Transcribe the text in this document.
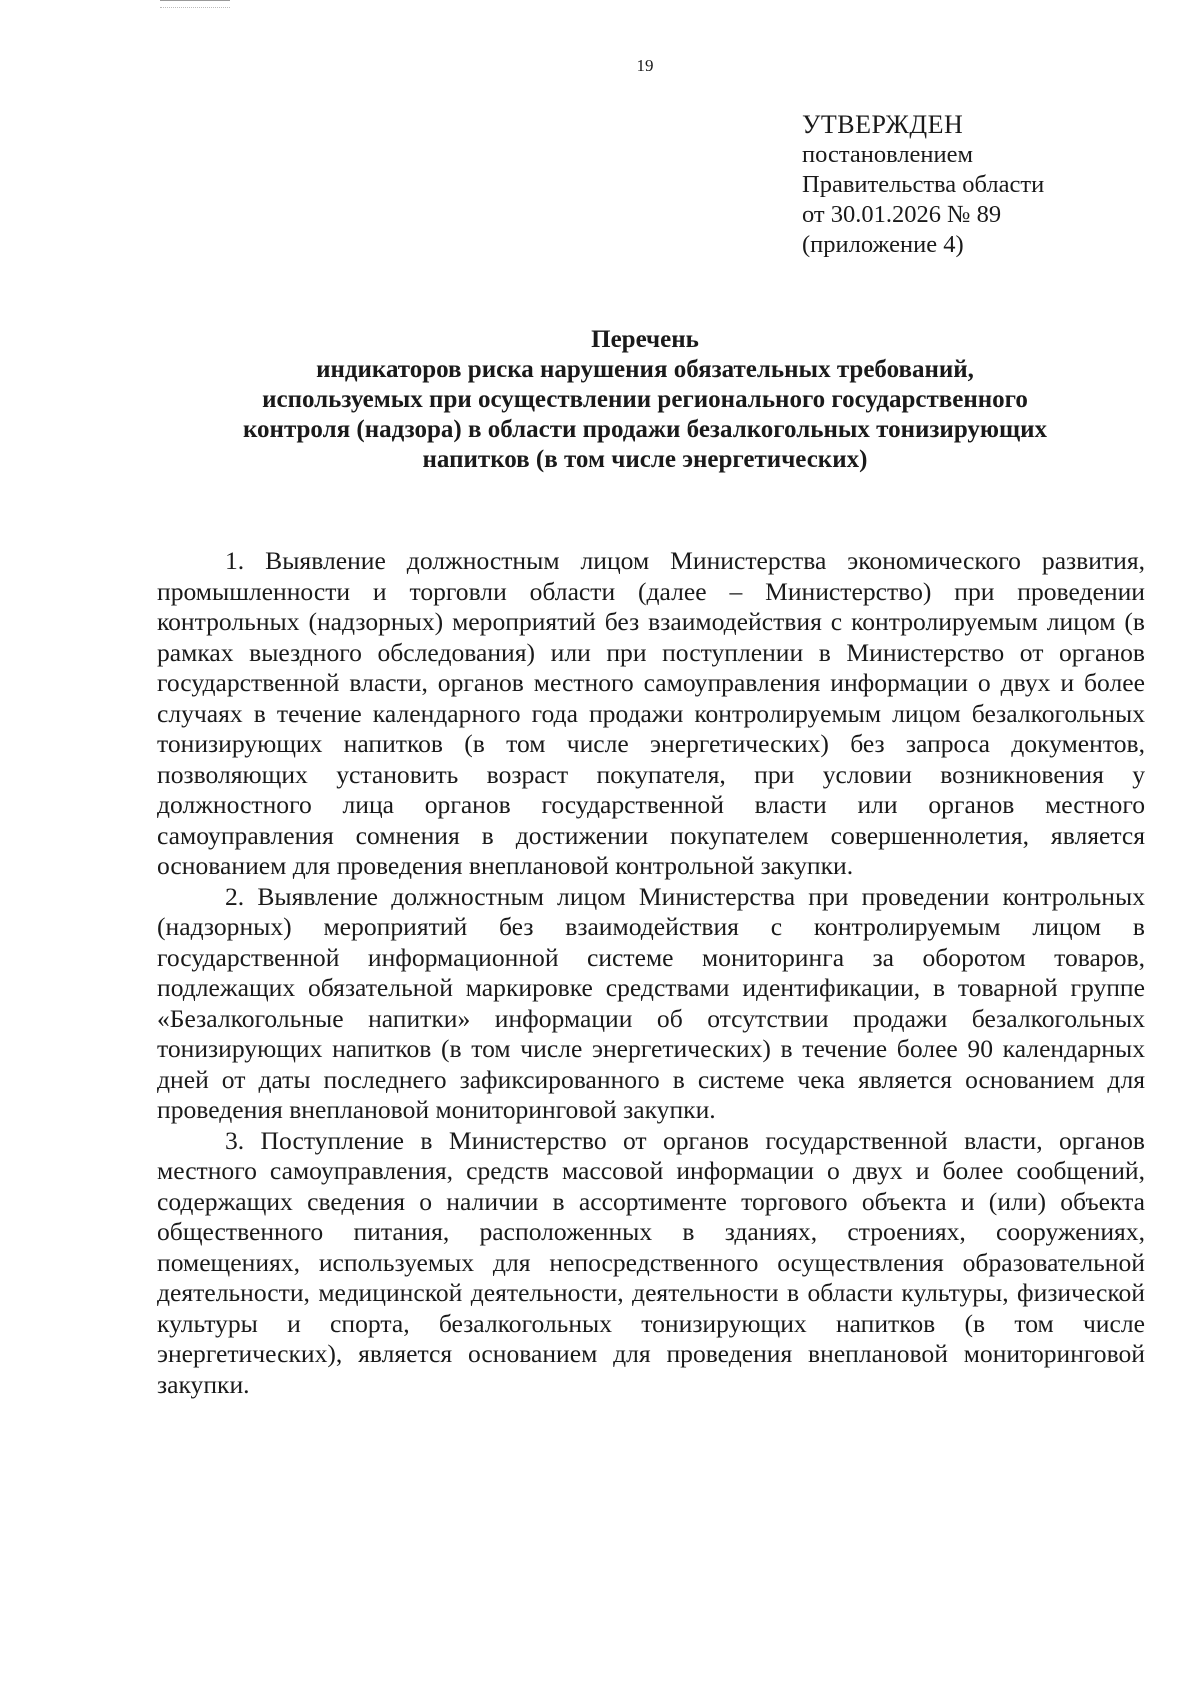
19
УТВЕРЖДЕН
постановлением
Правительства области
от 30.01.2026 № 89
(приложение 4)
Перечень
индикаторов риска нарушения обязательных требований,
используемых при осуществлении регионального государственного
контроля (надзора) в области продажи безалкогольных тонизирующих
напитков (в том числе энергетических)

1. Выявление должностным лицом Министерства экономического развития, промышленности и торговли области (далее – Министерство) при проведении контрольных (надзорных) мероприятий без взаимодействия с контролируемым лицом (в рамках выездного обследования) или при поступлении в Министерство от органов государственной власти, органов местного самоуправления информации о двух и более случаях в течение календарного года продажи контролируемым лицом безалкогольных тонизирующих напитков (в том числе энергетических) без запроса документов, позволяющих установить возраст покупателя, при условии возникновения у должностного лица органов государственной власти или органов местного самоуправления сомнения в достижении покупателем совершеннолетия, является основанием для проведения внеплановой контрольной закупки.

2. Выявление должностным лицом Министерства при проведении контрольных (надзорных) мероприятий без взаимодействия с контролируемым лицом в государственной информационной системе мониторинга за оборотом товаров, подлежащих обязательной маркировке средствами идентификации, в товарной группе «Безалкогольные напитки» информации об отсутствии продажи безалкогольных тонизирующих напитков (в том числе энергетических) в течение более 90 календарных дней от даты последнего зафиксированного в системе чека является основанием для проведения внеплановой мониторинговой закупки.

3. Поступление в Министерство от органов государственной власти, органов местного самоуправления, средств массовой информации о двух и более сообщений, содержащих сведения о наличии в ассортименте торгового объекта и (или) объекта общественного питания, расположенных в зданиях, строениях, сооружениях, помещениях, используемых для непосредственного осуществления образовательной деятельности, медицинской деятельности, деятельности в области культуры, физической культуры и спорта, безалкогольных тонизирующих напитков (в том числе энергетических), является основанием для проведения внеплановой мониторинговой закупки.
